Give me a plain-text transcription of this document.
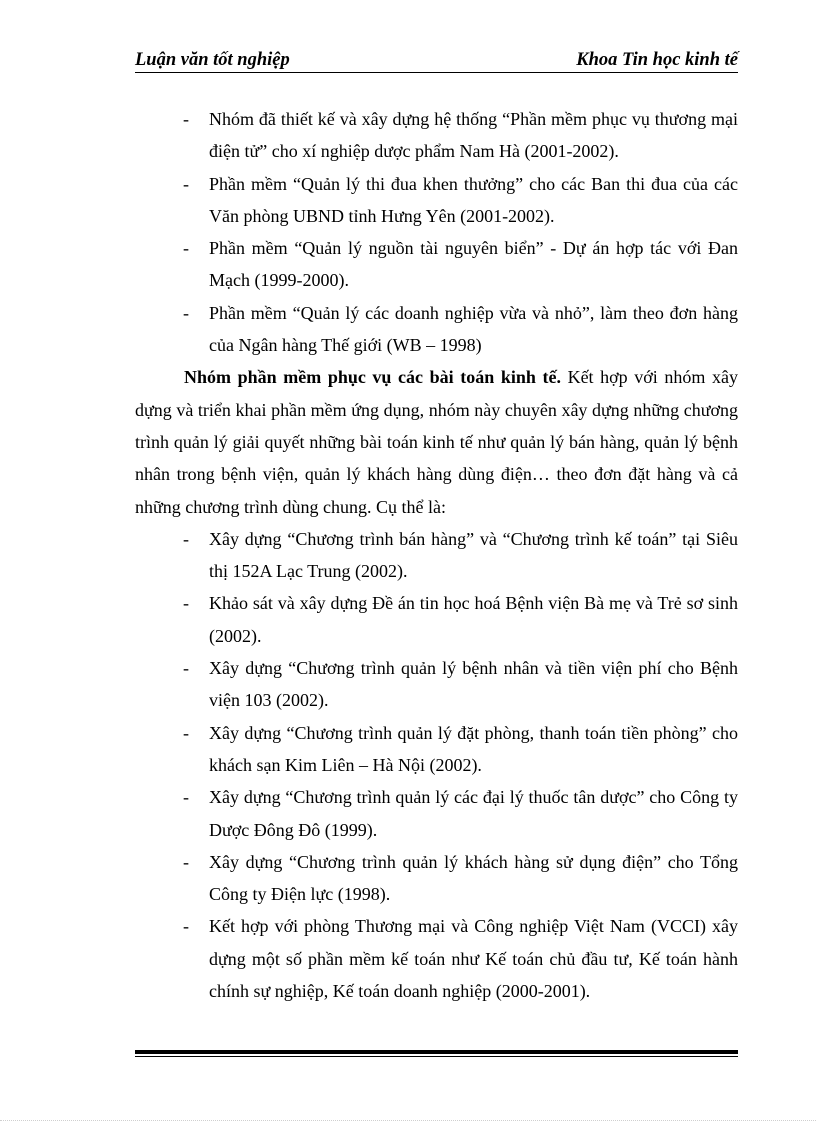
Luận văn tốt nghiệp	Khoa Tin học kinh tế
- Nhóm đã thiết kế và xây dựng hệ thống “Phần mềm phục vụ thương mại điện tử” cho xí nghiệp dược phẩm Nam Hà (2001-2002).
- Phần mềm “Quản lý thi đua khen thưởng” cho các Ban thi đua của các Văn phòng UBND tỉnh Hưng Yên (2001-2002).
- Phần mềm “Quản lý nguồn tài nguyên biển” - Dự án hợp tác với Đan Mạch (1999-2000).
- Phần mềm “Quản lý các doanh nghiệp vừa và nhỏ”, làm theo đơn hàng của Ngân hàng Thế giới (WB – 1998)

Nhóm phần mềm phục vụ các bài toán kinh tế. Kết hợp với nhóm xây dựng và triển khai phần mềm ứng dụng, nhóm này chuyên xây dựng những chương trình quản lý giải quyết những bài toán kinh tế như quản lý bán hàng, quản lý bệnh nhân trong bệnh viện, quản lý khách hàng dùng điện… theo đơn đặt hàng và cả những chương trình dùng chung. Cụ thể là:

- Xây dựng “Chương trình bán hàng” và “Chương trình kế toán” tại Siêu thị 152A Lạc Trung (2002).
- Khảo sát và xây dựng Đề án tin học hoá Bệnh viện Bà mẹ và Trẻ sơ sinh (2002).
- Xây dựng “Chương trình quản lý bệnh nhân và tiền viện phí cho Bệnh viện 103 (2002).
- Xây dựng “Chương trình quản lý đặt phòng, thanh toán tiền phòng” cho khách sạn Kim Liên – Hà Nội (2002).
- Xây dựng “Chương trình quản lý các đại lý thuốc tân dược” cho Công ty Dược Đông Đô (1999).
- Xây dựng “Chương trình quản lý khách hàng sử dụng điện” cho Tổng Công ty Điện lực (1998).
- Kết hợp với phòng Thương mại và Công nghiệp Việt Nam (VCCI) xây dựng một số phần mềm kế toán như Kế toán chủ đầu tư, Kế toán hành chính sự nghiệp, Kế toán doanh nghiệp (2000-2001).
